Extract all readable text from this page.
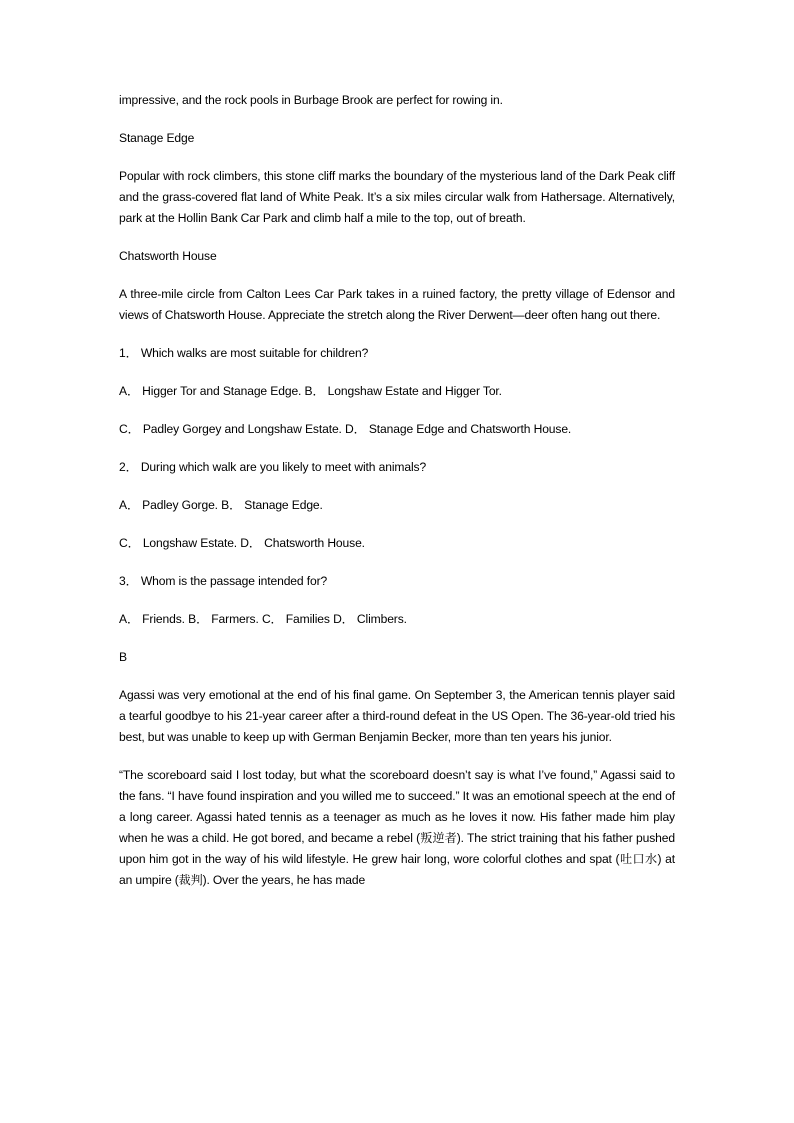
impressive, and the rock pools in Burbage Brook are perfect for rowing in.

Stanage Edge

Popular with rock climbers, this stone cliff marks the boundary of the mysterious land of the Dark Peak cliff and the grass-covered flat land of White Peak. It’s a six miles circular walk from Hathersage. Alternatively, park at the Hollin Bank Car Park and climb half a mile to the top, out of breath.

Chatsworth House

A three-mile circle from Calton Lees Car Park takes in a ruined factory, the pretty village of Edensor and views of Chatsworth House. Appreciate the stretch along the River Derwent—deer often hang out there.

1． Which walks are most suitable for children?

A． Higger Tor and Stanage Edge. B． Longshaw Estate and Higger Tor.

C． Padley Gorgey and Longshaw Estate. D． Stanage Edge and Chatsworth House.

2． During which walk are you likely to meet with animals?

A． Padley Gorge. B． Stanage Edge.

C． Longshaw Estate. D． Chatsworth House.

3． Whom is the passage intended for?

A． Friends. B． Farmers. C． Families D． Climbers.

B

Agassi was very emotional at the end of his final game. On September 3, the American tennis player said a tearful goodbye to his 21-year career after a third-round defeat in the US Open. The 36-year-old tried his best, but was unable to keep up with German Benjamin Becker, more than ten years his junior.

“The scoreboard said I lost today, but what the scoreboard doesn’t say is what I’ve found,” Agassi said to the fans. “I have found inspiration and you willed me to succeed.” It was an emotional speech at the end of a long career. Agassi hated tennis as a teenager as much as he loves it now. His father made him play when he was a child. He got bored, and became a rebel (叛逆者). The strict training that his father pushed upon him got in the way of his wild lifestyle. He grew hair long, wore colorful clothes and spat (吐口水) at an umpire (裁判). Over the years, he has made
